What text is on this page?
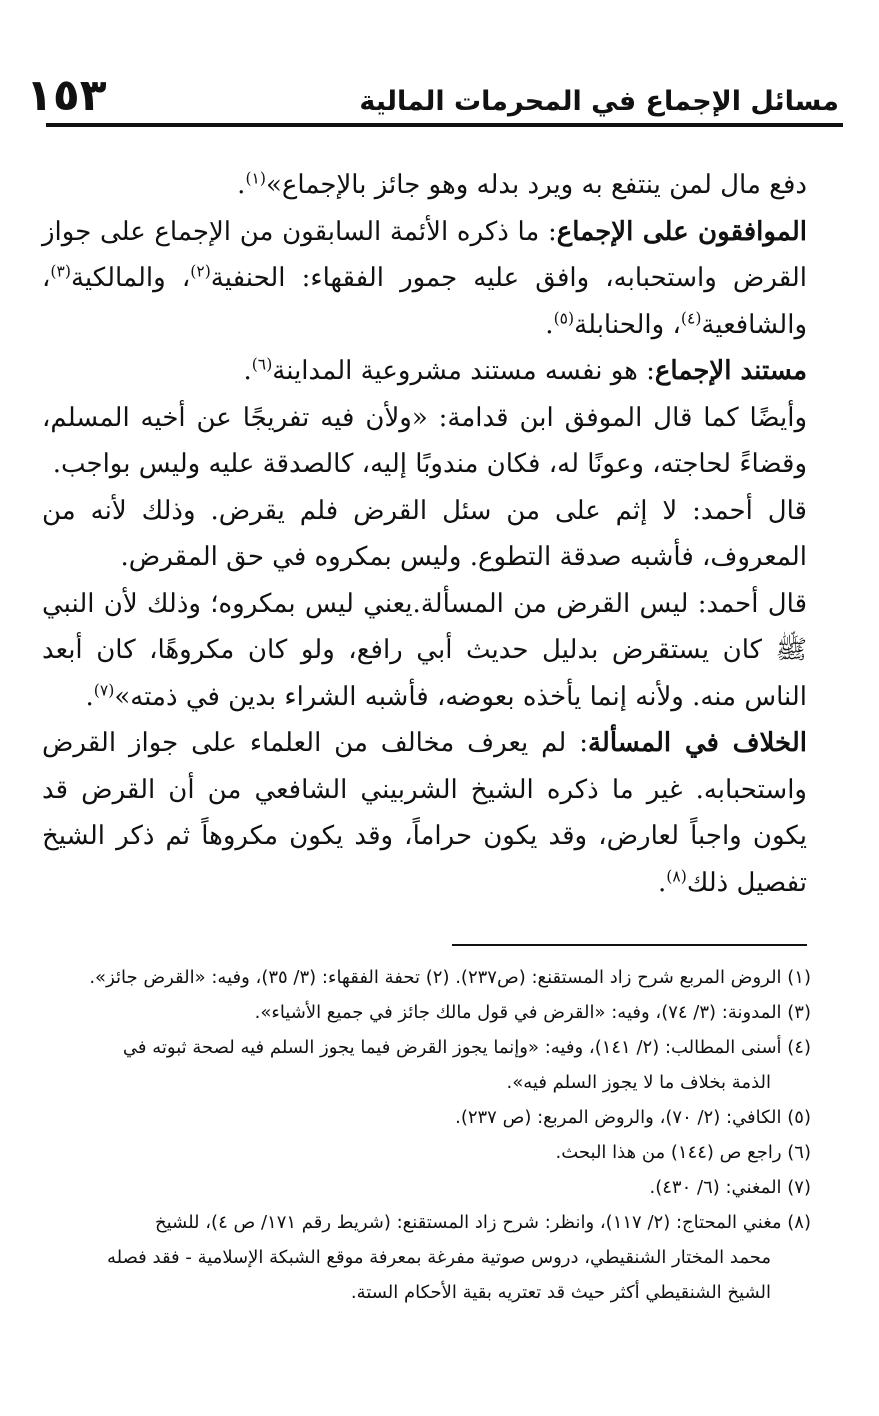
١٥٣	مسائل الإجماع في المحرمات المالية

دفع مال لمن ينتفع به ويرد بدله وهو جائز بالإجماع»$^{(١)}$.

الموافقون على الإجماع: ما ذكره الأئمة السابقون من الإجماع على جواز القرض واستحبابه، وافق عليه جمور الفقهاء: الحنفية$^{(٢)}$، والمالكية$^{(٣)}$، والشافعية$^{(٤)}$، والحنابلة$^{(٥)}$.

مستند الإجماع: هو نفسه مستند مشروعية المداينة$^{(٦)}$.

وأيضًا كما قال الموفق ابن قدامة: «ولأن فيه تفريجًا عن أخيه المسلم، وقضاءً لحاجته، وعونًا له، فكان مندوبًا إليه، كالصدقة عليه وليس بواجب.

قال أحمد: لا إثم على من سئل القرض فلم يقرض. وذلك لأنه من المعروف، فأشبه صدقة التطوع. وليس بمكروه في حق المقرض.

قال أحمد: ليس القرض من المسألة.يعني ليس بمكروه؛ وذلك لأن النبي ﷺ كان يستقرض بدليل حديث أبي رافع، ولو كان مكروهًا، كان أبعد الناس منه. ولأنه إنما يأخذه بعوضه، فأشبه الشراء بدين في ذمته»$^{(٧)}$.

الخلاف في المسألة: لم يعرف مخالف من العلماء على جواز القرض واستحبابه. غير ما ذكره الشيخ الشربيني الشافعي من أن القرض قد يكون واجباً لعارض، وقد يكون حراماً، وقد يكون مكروهاً ثم ذكر الشيخ تفصيل ذلك$^{(٨)}$.

(١) الروض المربع شرح زاد المستقنع: (ص٢٣٧). (٢) تحفة الفقهاء: (٣/ ٣٥)، وفيه: «القرض جائز».

(٣) المدونة: (٣/ ٧٤)، وفيه: «القرض في قول مالك جائز في جميع الأشياء».

(٤) أسنى المطالب: (٢/ ١٤١)، وفيه: «وإنما يجوز القرض فيما يجوز السلم فيه لصحة ثبوته في

الذمة بخلاف ما لا يجوز السلم فيه».

(٥) الكافي: (٢/ ٧٠)، والروض المربع: (ص ٢٣٧).

(٦) راجع ص (١٤٤) من هذا البحث.

(٧) المغني: (٦/ ٤٣٠).

(٨) مغني المحتاج: (٢/ ١١٧)، وانظر: شرح زاد المستقنع: (شريط رقم ١٧١/ ص ٤)، للشيخ

محمد المختار الشنقيطي، دروس صوتية مفرغة بمعرفة موقع الشبكة الإسلامية - فقد فصله

الشيخ الشنقيطي أكثر حيث قد تعتريه بقية الأحكام الستة.
